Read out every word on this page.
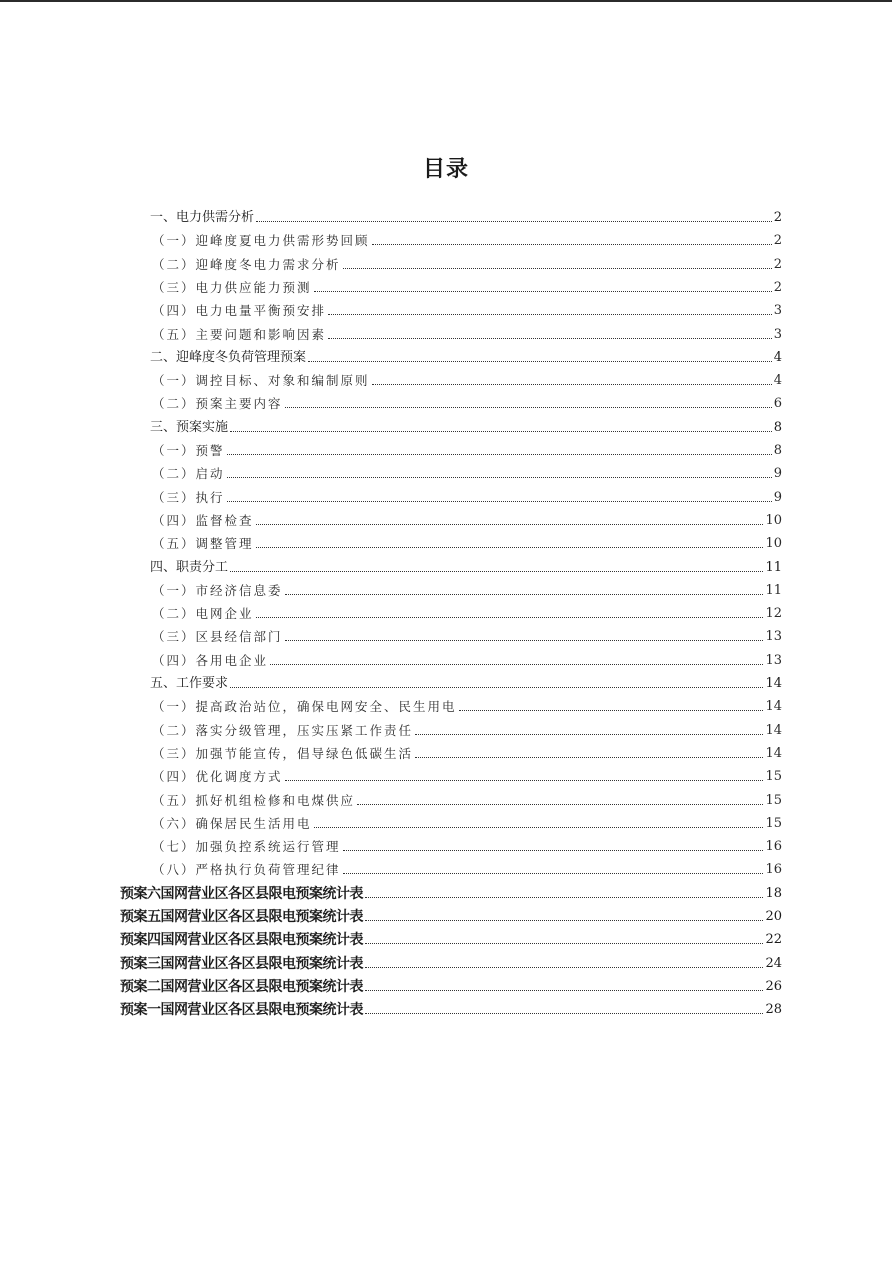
目录
一、电力供需分析	2
（一）迎峰度夏电力供需形势回顾	2
（二）迎峰度冬电力需求分析	2
（三）电力供应能力预测	2
（四）电力电量平衡预安排	3
（五）主要问题和影响因素	3
二、迎峰度冬负荷管理预案	4
（一）调控目标、对象和编制原则	4
（二）预案主要内容	6
三、预案实施	8
（一）预警	8
（二）启动	9
（三）执行	9
（四）监督检查	10
（五）调整管理	10
四、职责分工	11
（一）市经济信息委	11
（二）电网企业	12
（三）区县经信部门	13
（四）各用电企业	13
五、工作要求	14
（一）提高政治站位，确保电网安全、民生用电	14
（二）落实分级管理，压实压紧工作责任	14
（三）加强节能宣传，倡导绿色低碳生活	14
（四）优化调度方式	15
（五）抓好机组检修和电煤供应	15
（六）确保居民生活用电	15
（七）加强负控系统运行管理	16
（八）严格执行负荷管理纪律	16
预案六国网营业区各区县限电预案统计表	18
预案五国网营业区各区县限电预案统计表	20
预案四国网营业区各区县限电预案统计表	22
预案三国网营业区各区县限电预案统计表	24
预案二国网营业区各区县限电预案统计表	26
预案一国网营业区各区县限电预案统计表	28
